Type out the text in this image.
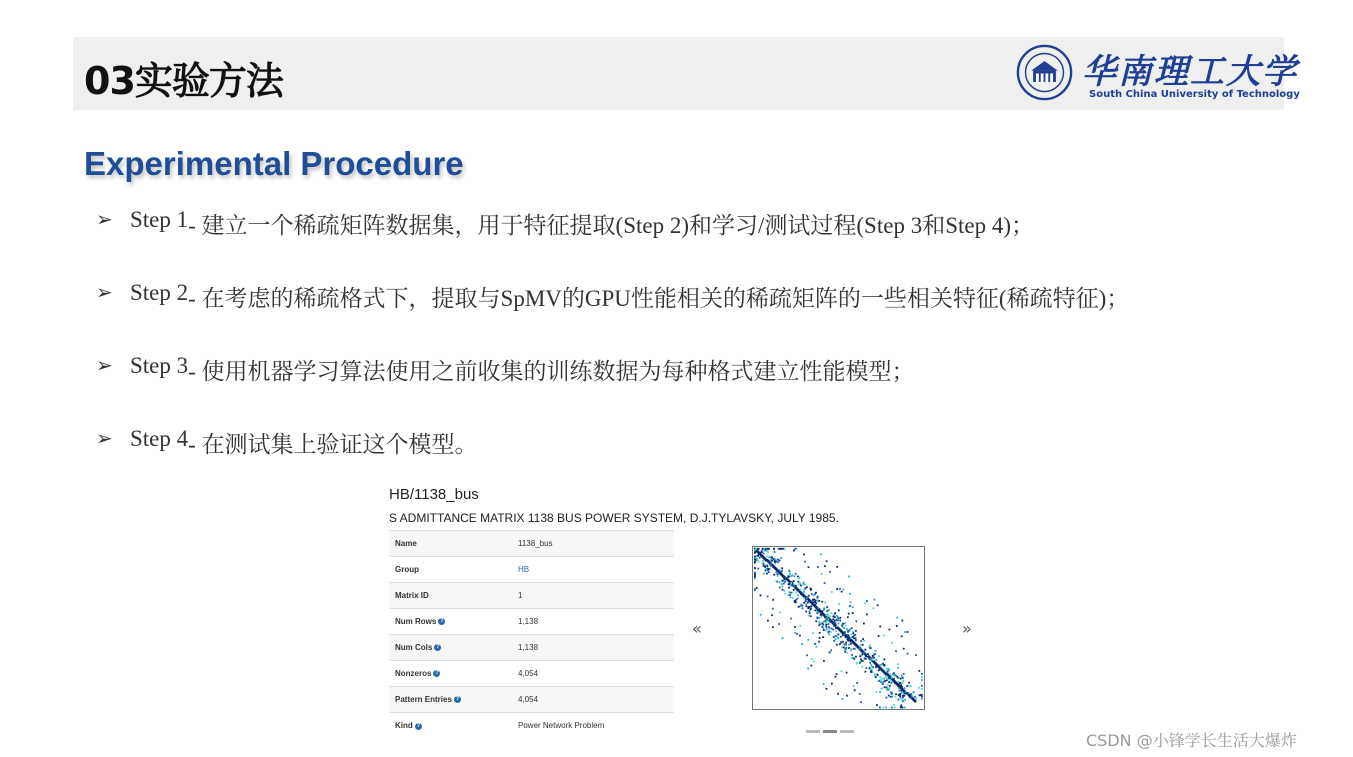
03实验方法	华南理工大学
South China University of Technology
Experimental Procedure
➢ Step 1 - 建立一个稀疏矩阵数据集，用于特征提取(Step 2)和学习/测试过程(Step 3和Step 4)；
➢ Step 2 - 在考虑的稀疏格式下，提取与SpMV的GPU性能相关的稀疏矩阵的一些相关特征(稀疏特征)；
➢ Step 3 - 使用机器学习算法使用之前收集的训练数据为每种格式建立性能模型；
➢ Step 4 - 在测试集上验证这个模型。
HB/1138_bus
S ADMITTANCE MATRIX 1138 BUS POWER SYSTEM, D.J.TYLAVSKY, JULY 1985.
Name	1138_bus
Group	HB
Matrix ID	1
Num Rows ?	1,138
Num Cols ?	1,138
Nonzeros ?	4,054
Pattern Entries ?	4,054
Kind ?	Power Network Problem
«	»
CSDN @小锋学长生活大爆炸
